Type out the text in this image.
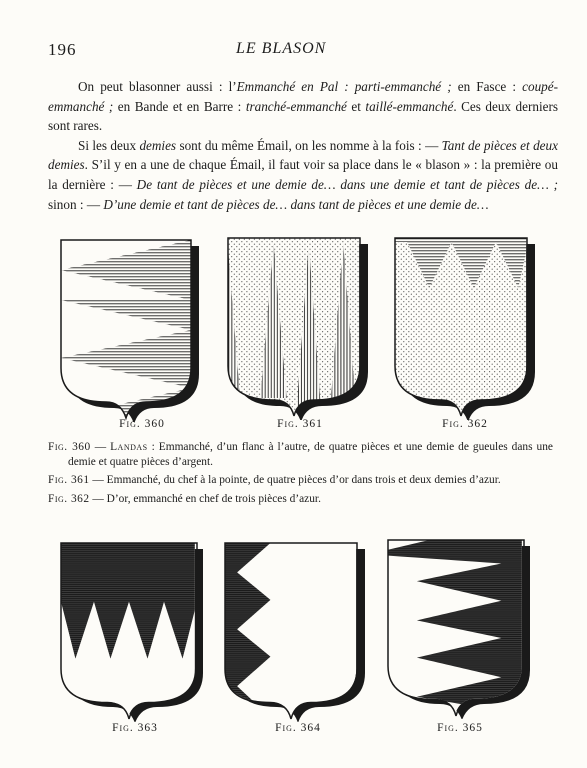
196	LE BLASON

On peut blasonner aussi : l’Emmanché en Pal : parti-emmanché ; en Fasce : coupé-emmanché ; en Bande et en Barre : tranché-emmanché et taillé-emmanché. Ces deux derniers sont rares.

Si les deux demies sont du même Émail, on les nomme à la fois : — Tant de pièces et deux demies. S’il y en a une de chaque Émail, il faut voir sa place dans le « blason » : la première ou la dernière : — De tant de pièces et une demie de… dans une demie et tant de pièces de… ; sinon : — D’une demie et tant de pièces de… dans tant de pièces et une demie de…

Fig. 360	Fig. 361	Fig. 362

Fig. 360 — Landas : Emmanché, d’un flanc à l’autre, de quatre pièces et une demie de gueules dans une demie et quatre pièces d’argent.

Fig. 361 — Emmanché, du chef à la pointe, de quatre pièces d’or dans trois et deux demies d’azur.

Fig. 362 — D’or, emmanché en chef de trois pièces d’azur.

Fig. 363	Fig. 364	Fig. 365
